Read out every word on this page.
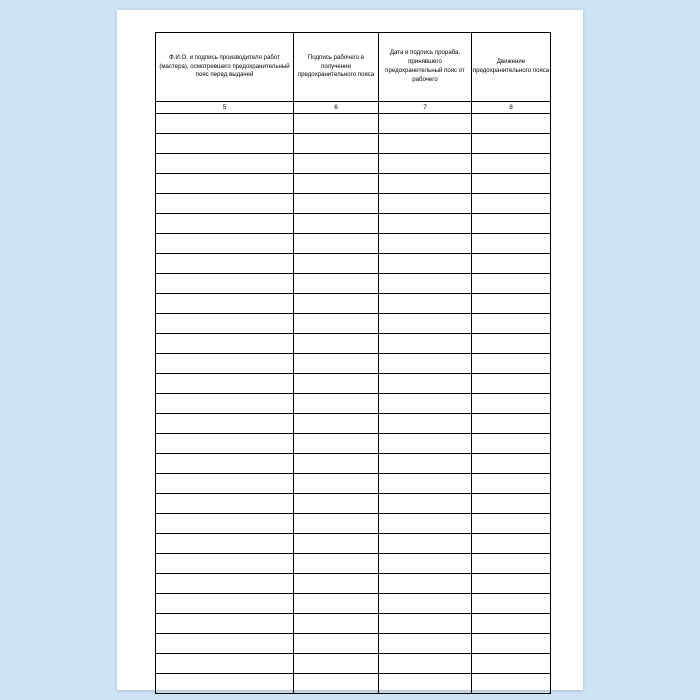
Ф.И.О. и подпись производителя работ (мастера), осмотревшего предохранительный пояс перед выдачей	Подпись рабочего в получении предохранительного пояса	Дата и подпись прораба, принявшего предохранительный пояс от рабочего	Движение предохранительного пояса
5	6	7	8
